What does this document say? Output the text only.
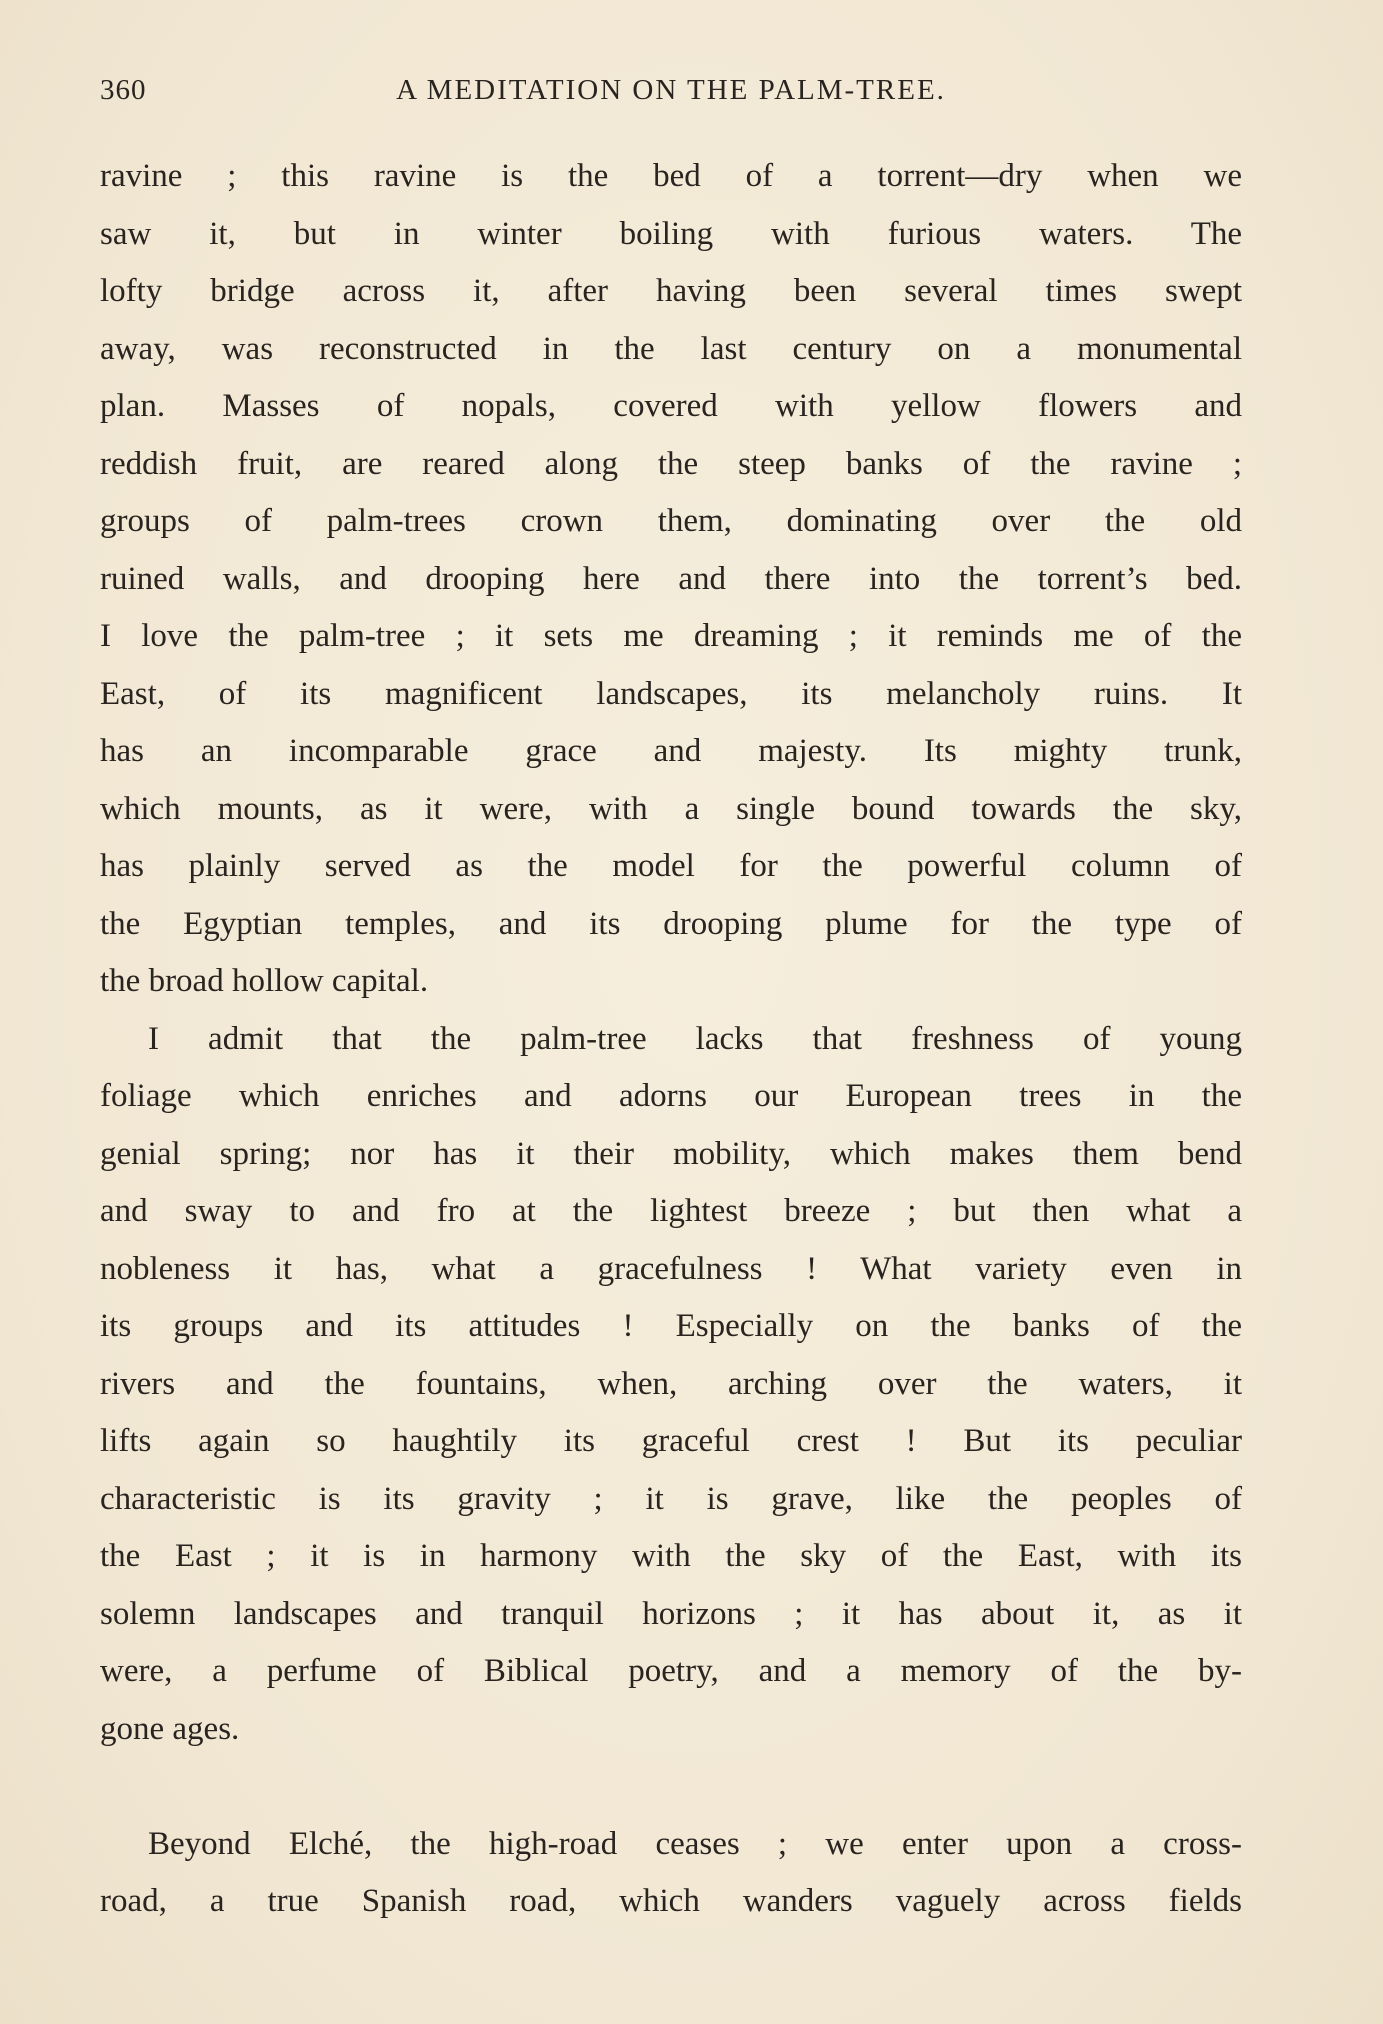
360	A MEDITATION ON THE PALM-TREE.
ravine ; this ravine is the bed of a torrent—dry when we
saw it, but in winter boiling with furious waters. The
lofty bridge across it, after having been several times swept
away, was reconstructed in the last century on a monumental
plan. Masses of nopals, covered with yellow flowers and
reddish fruit, are reared along the steep banks of the ravine ;
groups of palm-trees crown them, dominating over the old
ruined walls, and drooping here and there into the torrent’s bed.
I love the palm-tree ; it sets me dreaming ; it reminds me of the
East, of its magnificent landscapes, its melancholy ruins. It
has an incomparable grace and majesty. Its mighty trunk,
which mounts, as it were, with a single bound towards the sky,
has plainly served as the model for the powerful column of
the Egyptian temples, and its drooping plume for the type of
the broad hollow capital.
I admit that the palm-tree lacks that freshness of young
foliage which enriches and adorns our European trees in the
genial spring; nor has it their mobility, which makes them bend
and sway to and fro at the lightest breeze ; but then what a
nobleness it has, what a gracefulness ! What variety even in
its groups and its attitudes ! Especially on the banks of the
rivers and the fountains, when, arching over the waters, it
lifts again so haughtily its graceful crest ! But its peculiar
characteristic is its gravity ; it is grave, like the peoples of
the East ; it is in harmony with the sky of the East, with its
solemn landscapes and tranquil horizons ; it has about it, as it
were, a perfume of Biblical poetry, and a memory of the by-
gone ages.
Beyond Elché, the high-road ceases ; we enter upon a cross-
road, a true Spanish road, which wanders vaguely across fields
